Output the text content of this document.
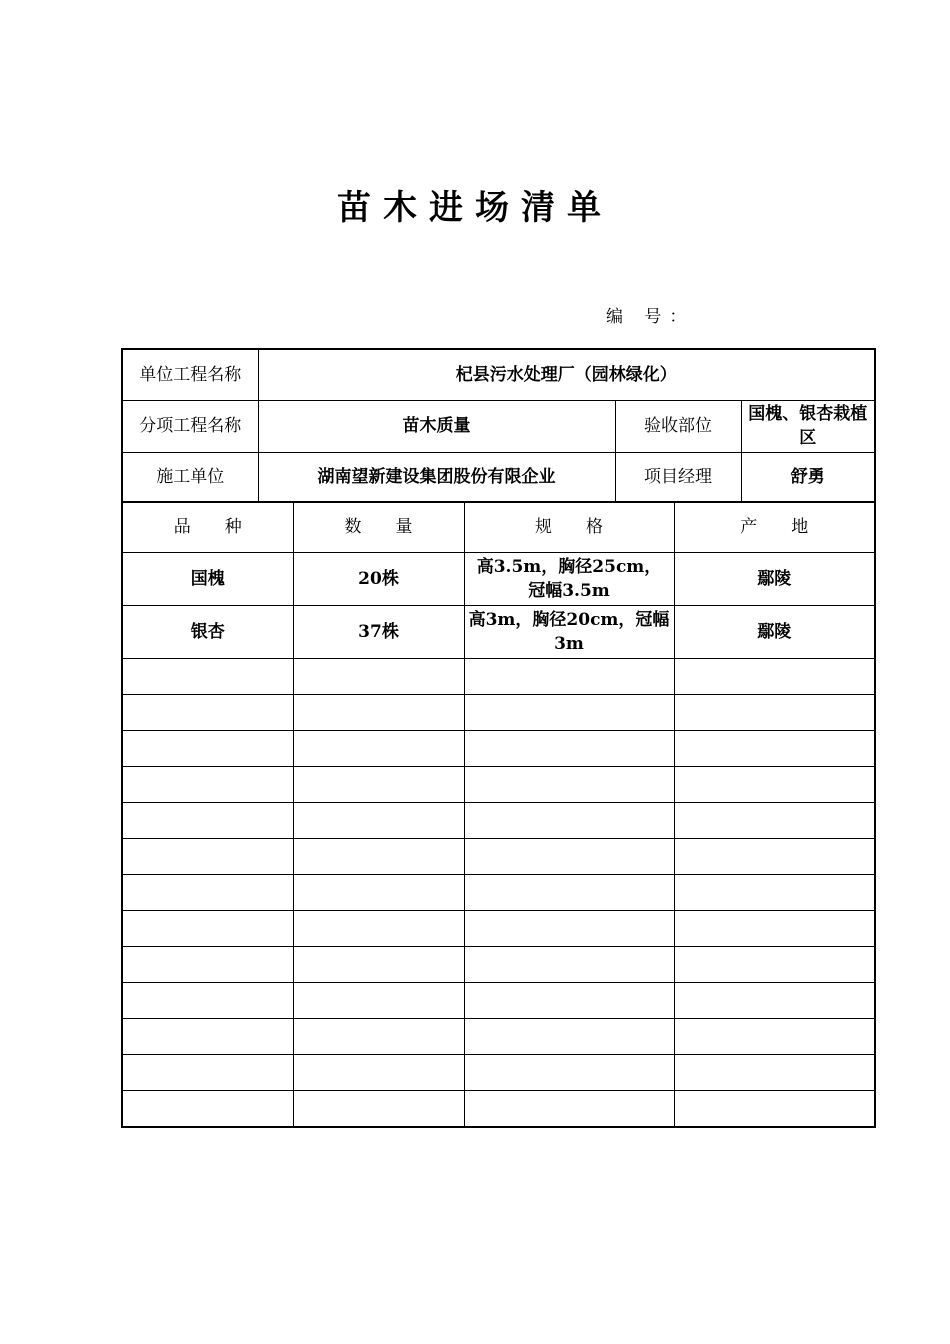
苗木进场清单
编 号：
单位工程名称	杞县污水处理厂（园林绿化）		
分项工程名称	苗木质量	验收部位	国槐、银杏栽植区
施工单位	湖南望新建设集团股份有限企业	项目经理	舒勇
品　　种	数　　量	规　　格	产　　地
国槐	20株	高3.5m，胸径25cm，冠幅3.5m	鄢陵
银杏	37株	高3m，胸径20cm，冠幅3m	鄢陵
